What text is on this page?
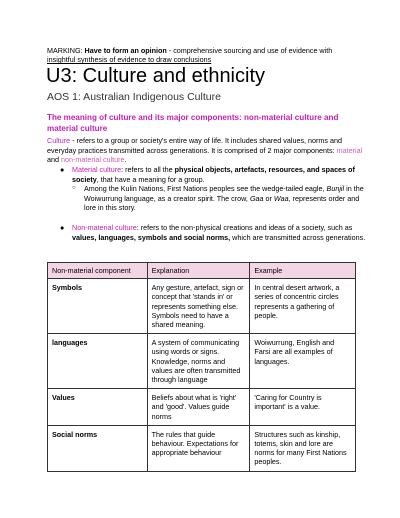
MARKING: Have to form an opinion - comprehensive sourcing and use of evidence with
insightful synthesis of evidence to draw conclusions
U3: Culture and ethnicity
AOS 1: Australian Indigenous Culture
The meaning of culture and its major components: non-material culture and material culture
Culture - refers to a group or society's entire way of life. It includes shared values, norms and everyday practices transmitted across generations. It is comprised of 2 major components: material and non-material culture.
● Material culture: refers to all the physical objects, artefacts, resources, and spaces of society, that have a meaning for a group.
○ Among the Kulin Nations, First Nations peoples see the wedge-tailed eagle, Bunjil in the Woiwurrung language, as a creator spirit. The crow, Gaa or Waa, represents order and lore in this story.
● Non-material culture: refers to the non-physical creations and ideas of a society, such as values, languages, symbols and social norms, which are transmitted across generations.
Non-material component	Explanation	Example
Symbols	Any gesture, artefact, sign or concept that 'stands in' or represents something else. Symbols need to have a shared meaning.	In central desert artwork, a series of concentric circles represents a gathering of people.
languages	A system of communicating using words or signs. Knowledge, norms and values are often transmitted through language	Woiwurrung, English and Farsi are all examples of languages.
Values	Beliefs about what is 'right' and 'good'. Values guide norms	'Caring for Country is important' is a value.
Social norms	The rules that guide behaviour. Expectations for appropriate behaviour	Structures such as kinship, totems, skin and lore are norms for many First Nations peoples.
